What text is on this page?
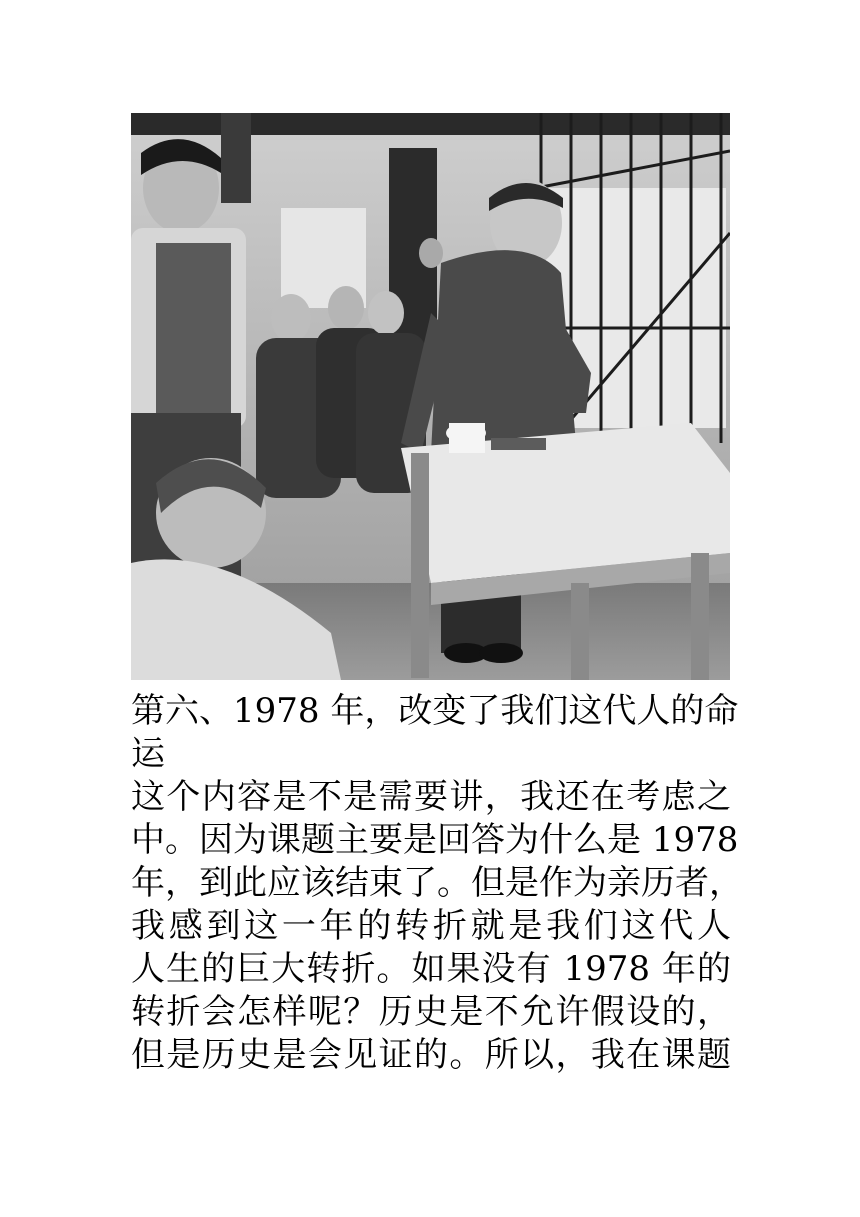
第六、1978 年，改变了我们这代人的命
运
这个内容是不是需要讲，我还在考虑之
中。因为课题主要是回答为什么是 1978
年，到此应该结束了。但是作为亲历者，
我感到这一年的转折就是我们这代人
人生的巨大转折。如果没有 1978 年的
转折会怎样呢？历史是不允许假设的，
但是历史是会见证的。所以，我在课题
